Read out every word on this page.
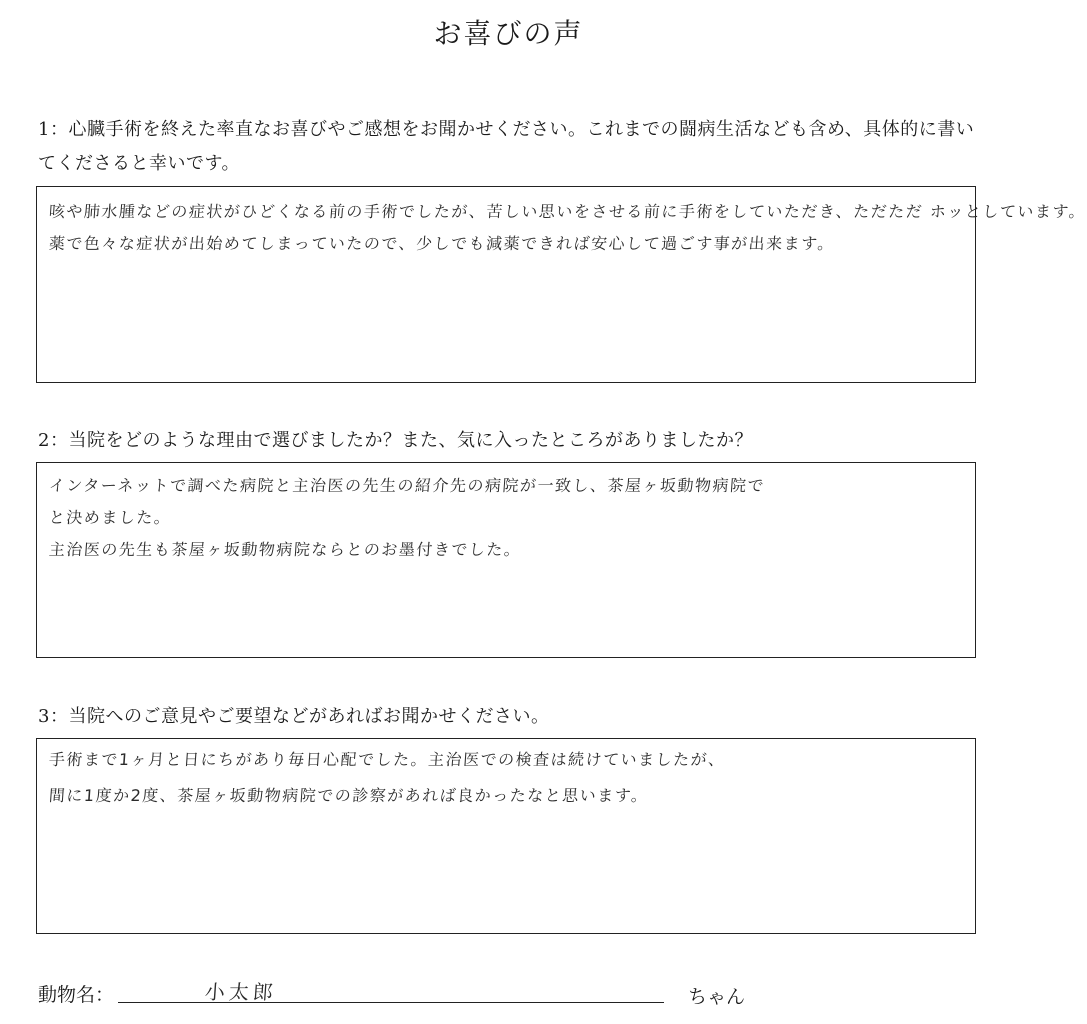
お喜びの声
1：心臓手術を終えた率直なお喜びやご感想をお聞かせください。これまでの闘病生活なども含め、具体的に書いてくださると幸いです。
咳や肺水腫などの症状がひどくなる前の手術でしたが、苦しい思いをさせる前に手術をしていただき、ただただ ホッとしています。
薬で色々な症状が出始めてしまっていたので、少しでも減薬できれば安心して過ごす事が出来ます。
2：当院をどのような理由で選びましたか？また、気に入ったところがありましたか？
インターネットで調べた病院と主治医の先生の紹介先の病院が一致し、茶屋ヶ坂動物病院で
と決めました。
主治医の先生も茶屋ヶ坂動物病院ならとのお墨付きでした。
3：当院へのご意見やご要望などがあればお聞かせください。
手術まで1ヶ月と日にちがあり毎日心配でした。主治医での検査は続けていましたが、
間に1度か2度、茶屋ヶ坂動物病院での診察があれば良かったなと思います。
動物名：	小太郎	ちゃん
